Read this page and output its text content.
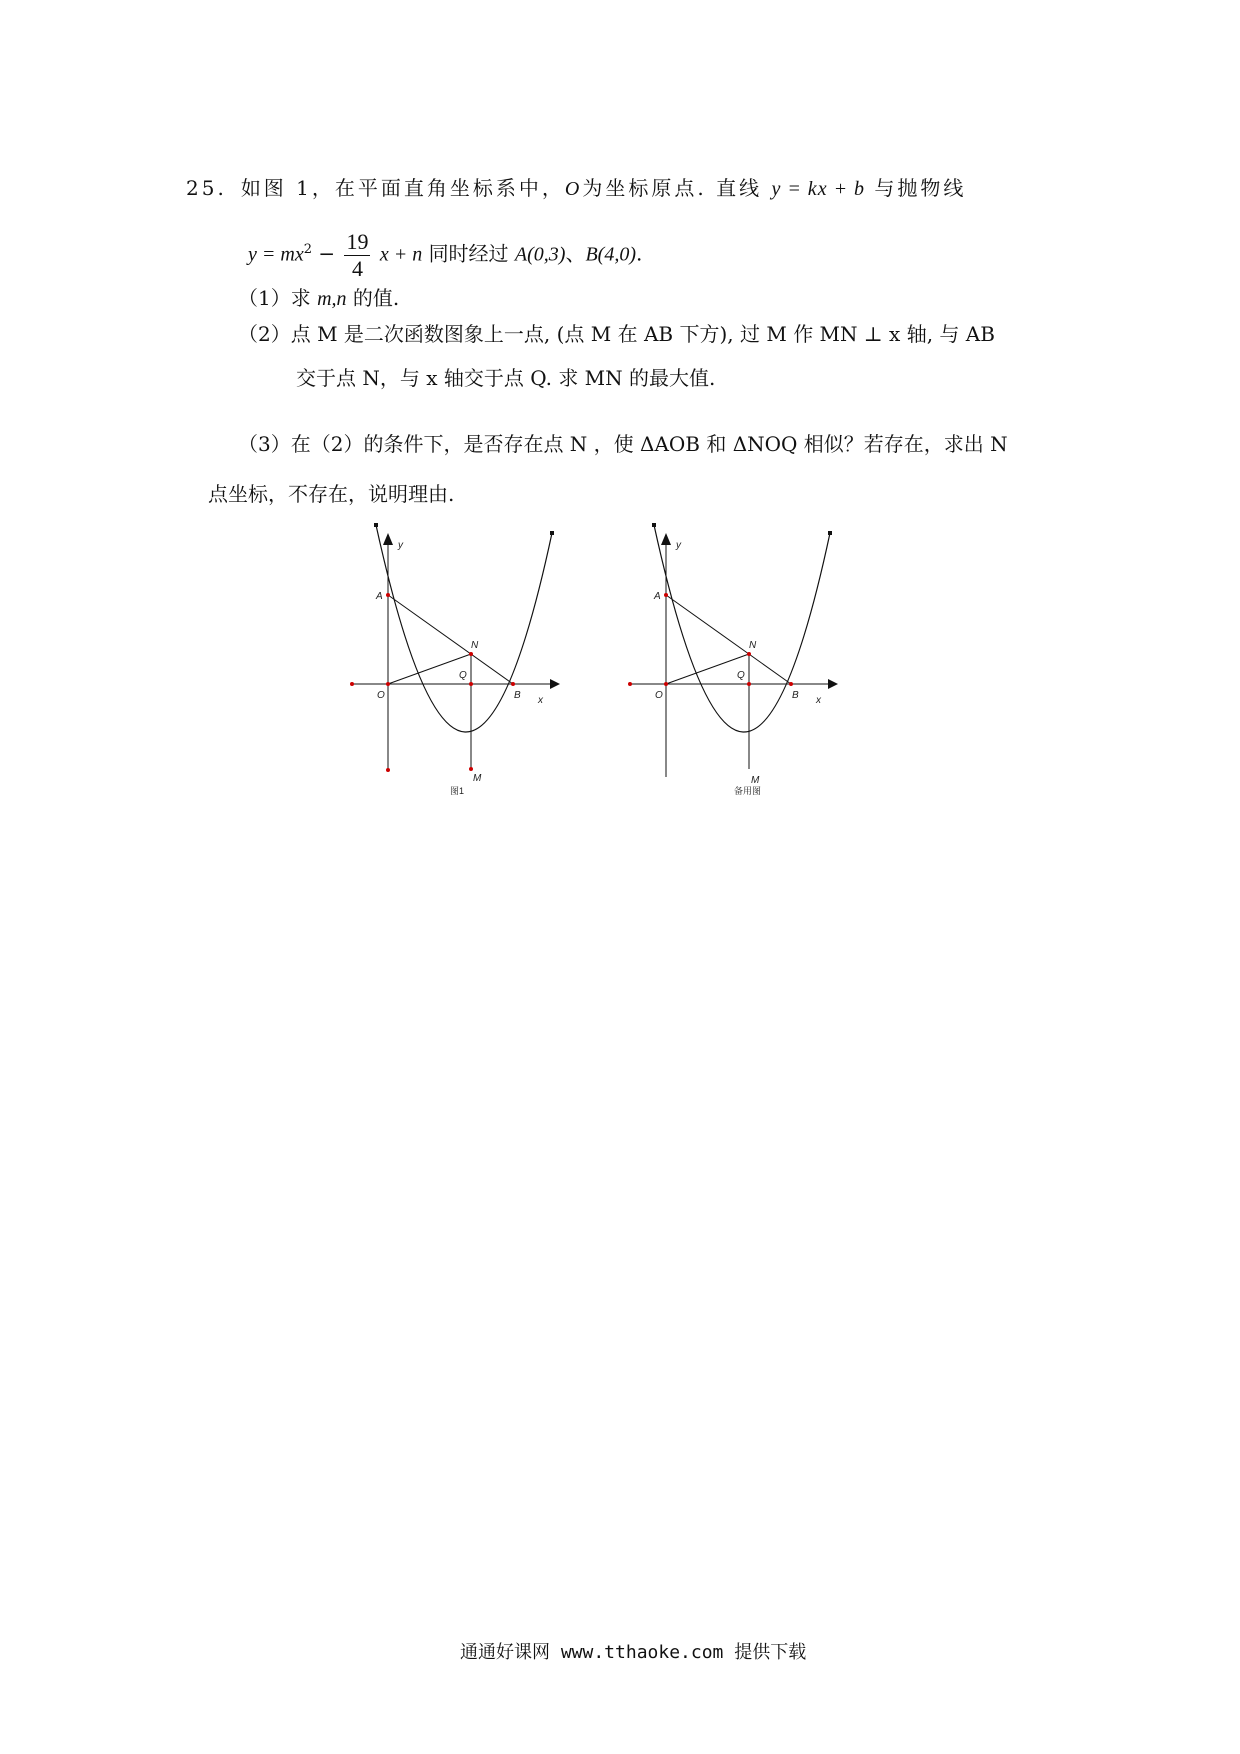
25. 如图 1，在平面直角坐标系中，O为坐标原点. 直线 y = kx + b 与抛物线
$y = mx^2 - \frac{19}{4}$ x + n 同时经过 A(0,3)、B(4,0).
（1）求 m,n 的值.
（2）点 M 是二次函数图象上一点, (点 M 在 AB 下方), 过 M 作 MN ⊥ x 轴, 与 AB
交于点 N，与 x 轴交于点 Q. 求 MN 的最大值.
（3）在（2）的条件下，是否存在点 N ，使 ΔAOB 和 ΔNOQ 相似？若存在，求出 N
点坐标，不存在，说明理由.
y
A
N
Q
O	B x
M
图1
y
A
N
Q
O	B x
M
备用图
通通好课网 www.tthaoke.com 提供下载
